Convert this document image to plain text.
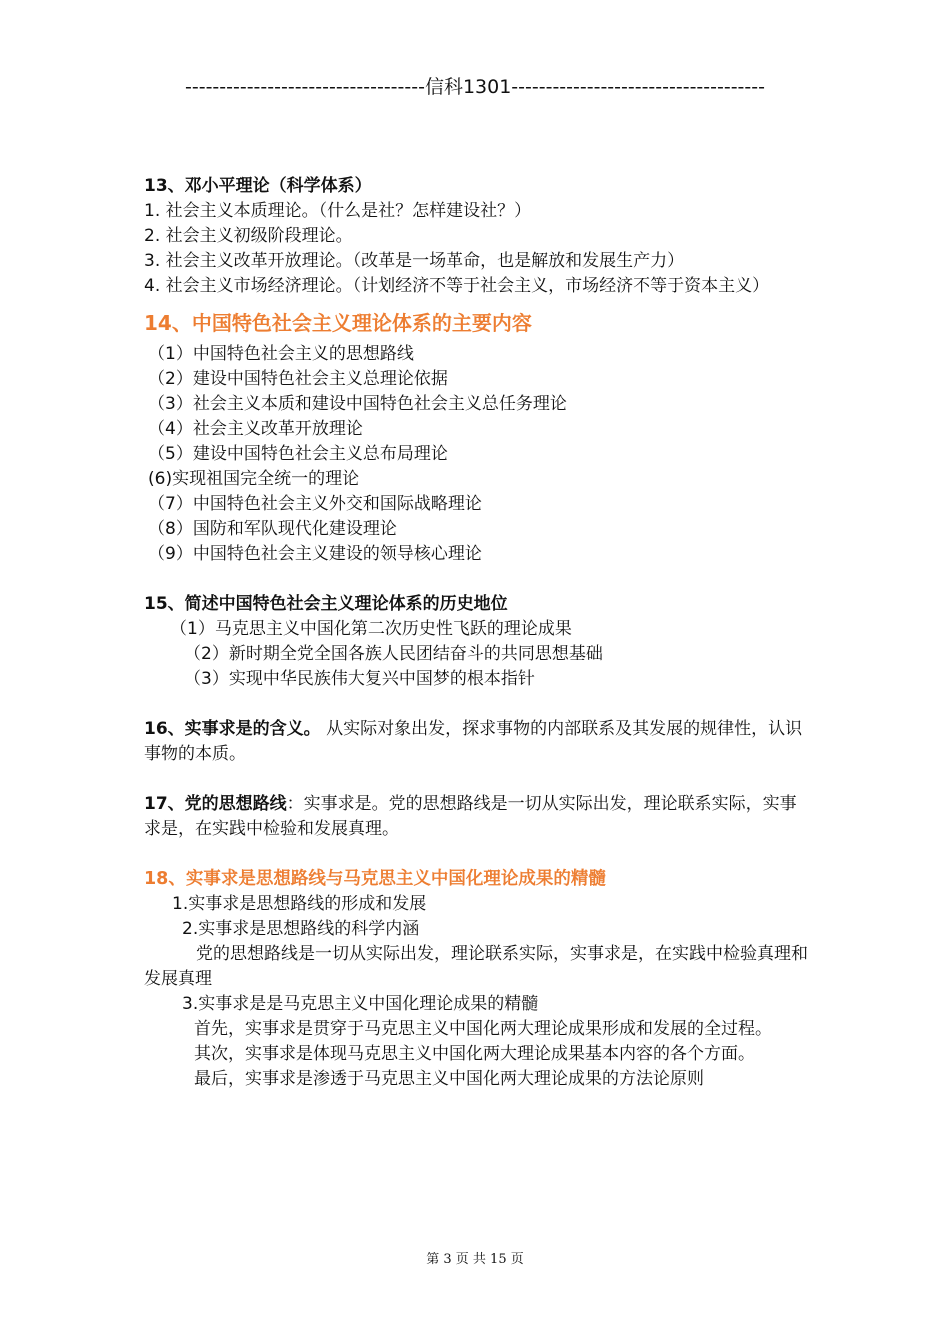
-----------------------------------信科1301-------------------------------------

13、邓小平理论（科学体系）

1. 社会主义本质理论。（什么是社？怎样建设社？）

2. 社会主义初级阶段理论。

3. 社会主义改革开放理论。（改革是一场革命，也是解放和发展生产力）

4. 社会主义市场经济理论。（计划经济不等于社会主义，市场经济不等于资本主义）

14、中国特色社会主义理论体系的主要内容

（1）中国特色社会主义的思想路线

（2）建设中国特色社会主义总理论依据

（3）社会主义本质和建设中国特色社会主义总任务理论

（4）社会主义改革开放理论

（5）建设中国特色社会主义总布局理论

(6)实现祖国完全统一的理论

（7）中国特色社会主义外交和国际战略理论

（8）国防和军队现代化建设理论

（9）中国特色社会主义建设的领导核心理论

15、简述中国特色社会主义理论体系的历史地位

（1）马克思主义中国化第二次历史性飞跃的理论成果

（2）新时期全党全国各族人民团结奋斗的共同思想基础

（3）实现中华民族伟大复兴中国梦的根本指针

16、实事求是的含义。 从实际对象出发，探求事物的内部联系及其发展的规律性，认识事物的本质。

17、党的思想路线：实事求是。党的思想路线是一切从实际出发，理论联系实际，实事求是，在实践中检验和发展真理。

18、实事求是思想路线与马克思主义中国化理论成果的精髓

1.实事求是思想路线的形成和发展

2.实事求是思想路线的科学内涵

党的思想路线是一切从实际出发，理论联系实际，实事求是，在实践中检验真理和发展真理

3.实事求是是马克思主义中国化理论成果的精髓

首先，实事求是贯穿于马克思主义中国化两大理论成果形成和发展的全过程。

其次，实事求是体现马克思主义中国化两大理论成果基本内容的各个方面。

最后，实事求是渗透于马克思主义中国化两大理论成果的方法论原则

第 3 页 共 15 页
